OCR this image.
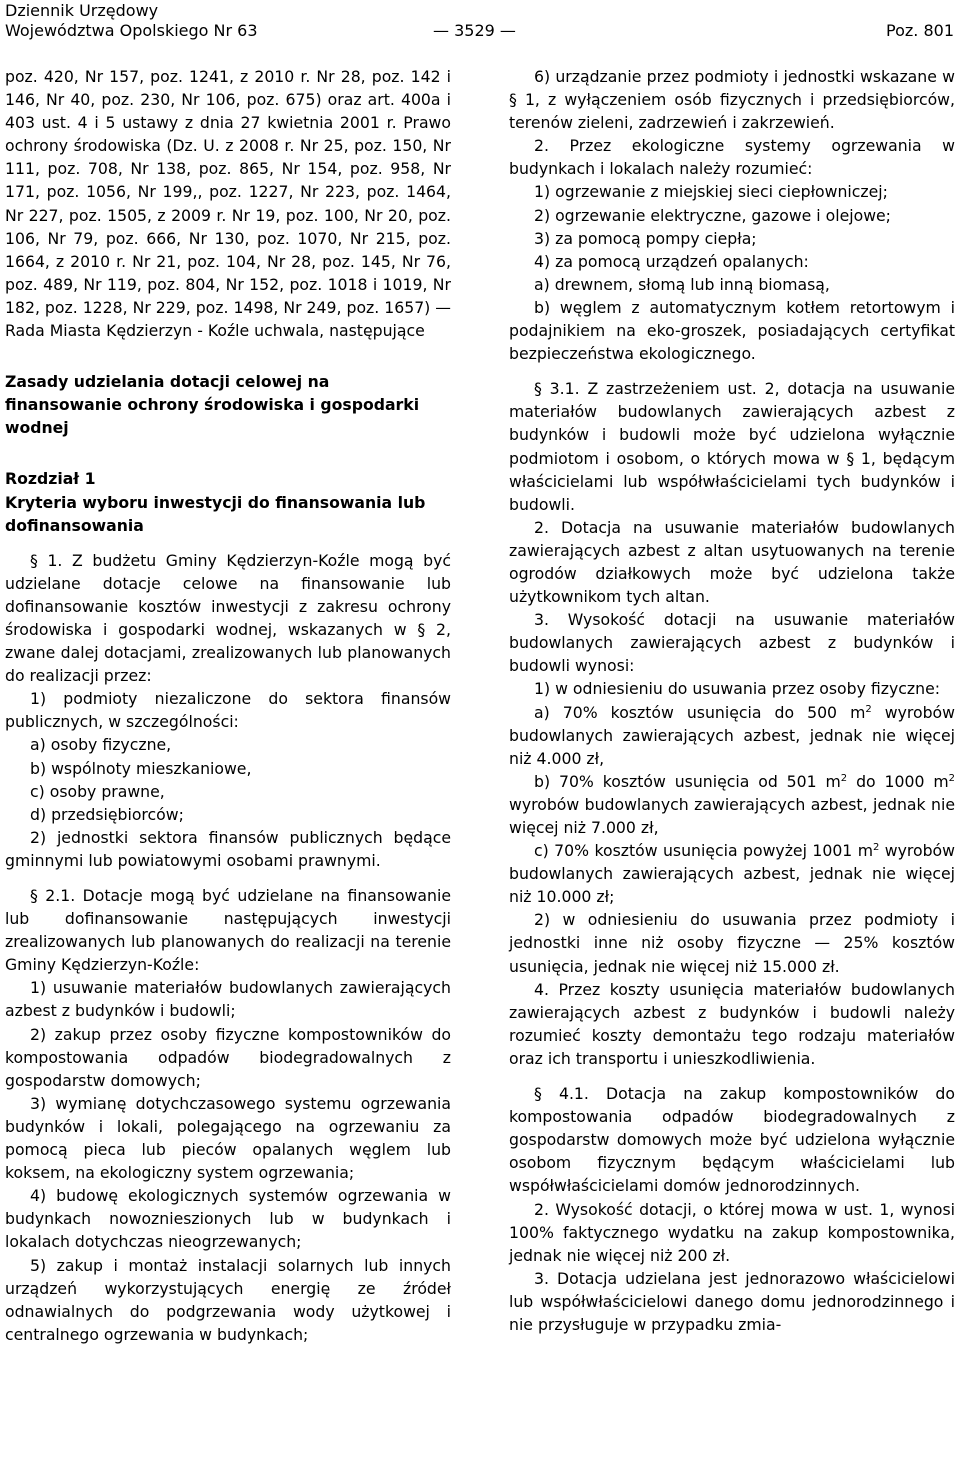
Dziennik Urzędowy
Województwa Opolskiego Nr 63	— 3529 —	Poz. 801

poz. 420, Nr 157, poz. 1241, z 2010 r. Nr 28, poz. 142 i 146, Nr 40, poz. 230, Nr 106, poz. 675) oraz art. 400a i 403 ust. 4 i 5 ustawy z dnia 27 kwietnia 2001 r. Prawo ochrony środowiska (Dz. U. z 2008 r. Nr 25, poz. 150, Nr 111, poz. 708, Nr 138, poz. 865, Nr 154, poz. 958, Nr 171, poz. 1056, Nr 199,, poz. 1227, Nr 223, poz. 1464, Nr 227, poz. 1505, z 2009 r. Nr 19, poz. 100, Nr 20, poz. 106, Nr 79, poz. 666, Nr 130, poz. 1070, Nr 215, poz. 1664, z 2010 r. Nr 21, poz. 104, Nr 28, poz. 145, Nr 76, poz. 489, Nr 119, poz. 804, Nr 152, poz. 1018 i 1019, Nr 182, poz. 1228, Nr 229, poz. 1498, Nr 249, poz. 1657) — Rada Miasta Kędzierzyn - Koźle uchwala, następujące

Zasady udzielania dotacji celowej na finansowanie ochrony środowiska i gospodarki wodnej

Rozdział 1

Kryteria wyboru inwestycji do finansowania lub dofinansowania

§ 1. Z budżetu Gminy Kędzierzyn-Koźle mogą być udzielane dotacje celowe na finansowanie lub dofinansowanie kosztów inwestycji z zakresu ochrony środowiska i gospodarki wodnej, wskazanych w § 2, zwane dalej dotacjami, zrealizowanych lub planowanych do realizacji przez:

1) podmioty niezaliczone do sektora finansów publicznych, w szczególności:

a) osoby fizyczne,

b) wspólnoty mieszkaniowe,

c) osoby prawne,

d) przedsiębiorców;

2) jednostki sektora finansów publicznych będące gminnymi lub powiatowymi osobami prawnymi.

§ 2.1. Dotacje mogą być udzielane na finansowanie lub dofinansowanie następujących inwestycji zrealizowanych lub planowanych do realizacji na terenie Gminy Kędzierzyn-Koźle:

1) usuwanie materiałów budowlanych zawierających azbest z budynków i budowli;

2) zakup przez osoby fizyczne kompostowników do kompostowania odpadów biodegradowalnych z gospodarstw domowych;

3) wymianę dotychczasowego systemu ogrzewania budynków i lokali, polegającego na ogrzewaniu za pomocą pieca lub pieców opalanych węglem lub koksem, na ekologiczny system ogrzewania;

4) budowę ekologicznych systemów ogrzewania w budynkach nowoznieszionych lub w budynkach i lokalach dotychczas nieogrzewanych;

5) zakup i montaż instalacji solarnych lub innych urządzeń wykorzystujących energię ze źródeł odnawialnych do podgrzewania wody użytkowej i centralnego ogrzewania w budynkach;

6) urządzanie przez podmioty i jednostki wskazane w § 1, z wyłączeniem osób fizycznych i przedsiębiorców, terenów zieleni, zadrzewień i zakrzewień.

2. Przez ekologiczne systemy ogrzewania w budynkach i lokalach należy rozumieć:

1) ogrzewanie z miejskiej sieci ciepłowniczej;

2) ogrzewanie elektryczne, gazowe i olejowe;

3) za pomocą pompy ciepła;

4) za pomocą urządzeń opalanych:

a) drewnem, słomą lub inną biomasą,

b) węglem z automatycznym kotłem retortowym i podajnikiem na eko-groszek, posiadających certyfikat bezpieczeństwa ekologicznego.

§ 3.1. Z zastrzeżeniem ust. 2, dotacja na usuwanie materiałów budowlanych zawierających azbest z budynków i budowli może być udzielona wyłącznie podmiotom i osobom, o których mowa w § 1, będącym właścicielami lub współwłaścicielami tych budynków i budowli.

2. Dotacja na usuwanie materiałów budowlanych zawierających azbest z altan usytuowanych na terenie ogrodów działkowych może być udzielona także użytkownikom tych altan.

3. Wysokość dotacji na usuwanie materiałów budowlanych zawierających azbest z budynków i budowli wynosi:

1) w odniesieniu do usuwania przez osoby fizyczne:

a) 70% kosztów usunięcia do 500 $m^2$ wyrobów budowlanych zawierających azbest, jednak nie więcej niż 4.000 zł,

b) 70% kosztów usunięcia od 501 $m^2$ do 1000 $m^2$ wyrobów budowlanych zawierających azbest, jednak nie więcej niż 7.000 zł,

c) 70% kosztów usunięcia powyżej 1001 $m^2$ wyrobów budowlanych zawierających azbest, jednak nie więcej niż 10.000 zł;

2) w odniesieniu do usuwania przez podmioty i jednostki inne niż osoby fizyczne — 25% kosztów usunięcia, jednak nie więcej niż 15.000 zł.

4. Przez koszty usunięcia materiałów budowlanych zawierających azbest z budynków i budowli należy rozumieć koszty demontażu tego rodzaju materiałów oraz ich transportu i unieszkodliwienia.

§ 4.1. Dotacja na zakup kompostowników do kompostowania odpadów biodegradowalnych z gospodarstw domowych może być udzielona wyłącznie osobom fizycznym będącym właścicielami lub współwłaścicielami domów jednorodzinnych.

2. Wysokość dotacji, o której mowa w ust. 1, wynosi 100% faktycznego wydatku na zakup kompostownika, jednak nie więcej niż 200 zł.

3. Dotacja udzielana jest jednorazowo właścicielowi lub współwłaścicielowi danego domu jednorodzinnego i nie przysługuje w przypadku zmia-
